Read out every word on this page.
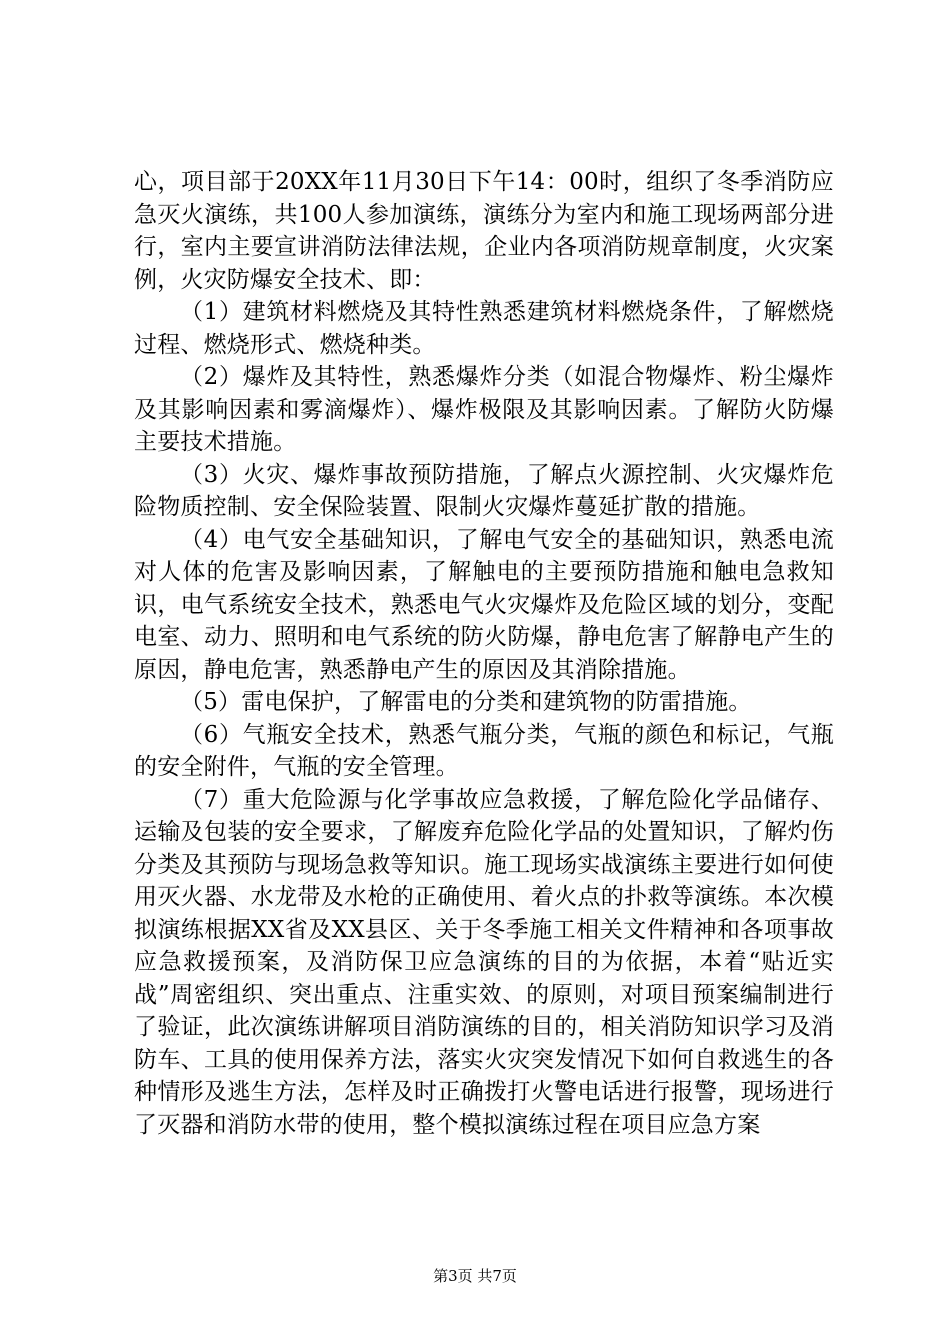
心，项目部于20XX年11月30日下午14：00时，组织了冬季消防应急灭火演练，共100人参加演练，演练分为室内和施工现场两部分进行，室内主要宣讲消防法律法规，企业内各项消防规章制度，火灾案例，火灾防爆安全技术、即：

（1）建筑材料燃烧及其特性熟悉建筑材料燃烧条件，了解燃烧过程、燃烧形式、燃烧种类。

（2）爆炸及其特性，熟悉爆炸分类（如混合物爆炸、粉尘爆炸及其影响因素和雾滴爆炸）、爆炸极限及其影响因素。了解防火防爆主要技术措施。

（3）火灾、爆炸事故预防措施，了解点火源控制、火灾爆炸危险物质控制、安全保险装置、限制火灾爆炸蔓延扩散的措施。

（4）电气安全基础知识，了解电气安全的基础知识，熟悉电流对人体的危害及影响因素，了解触电的主要预防措施和触电急救知识，电气系统安全技术，熟悉电气火灾爆炸及危险区域的划分，变配电室、动力、照明和电气系统的防火防爆，静电危害了解静电产生的原因，静电危害，熟悉静电产生的原因及其消除措施。

（5）雷电保护，了解雷电的分类和建筑物的防雷措施。

（6）气瓶安全技术，熟悉气瓶分类，气瓶的颜色和标记，气瓶的安全附件，气瓶的安全管理。

（7）重大危险源与化学事故应急救援，了解危险化学品储存、运输及包装的安全要求，了解废弃危险化学品的处置知识，了解灼伤分类及其预防与现场急救等知识。施工现场实战演练主要进行如何使用灭火器、水龙带及水枪的正确使用、着火点的扑救等演练。本次模拟演练根据XX省及XX县区、关于冬季施工相关文件精神和各项事故应急救援预案，及消防保卫应急演练的目的为依据，本着“贴近实战”周密组织、突出重点、注重实效、的原则，对项目预案编制进行了验证，此次演练讲解项目消防演练的目的，相关消防知识学习及消防车、工具的使用保养方法，落实火灾突发情况下如何自救逃生的各种情形及逃生方法，怎样及时正确拨打火警电话进行报警，现场进行了灭器和消防水带的使用，整个模拟演练过程在项目应急方案

第3页 共7页
